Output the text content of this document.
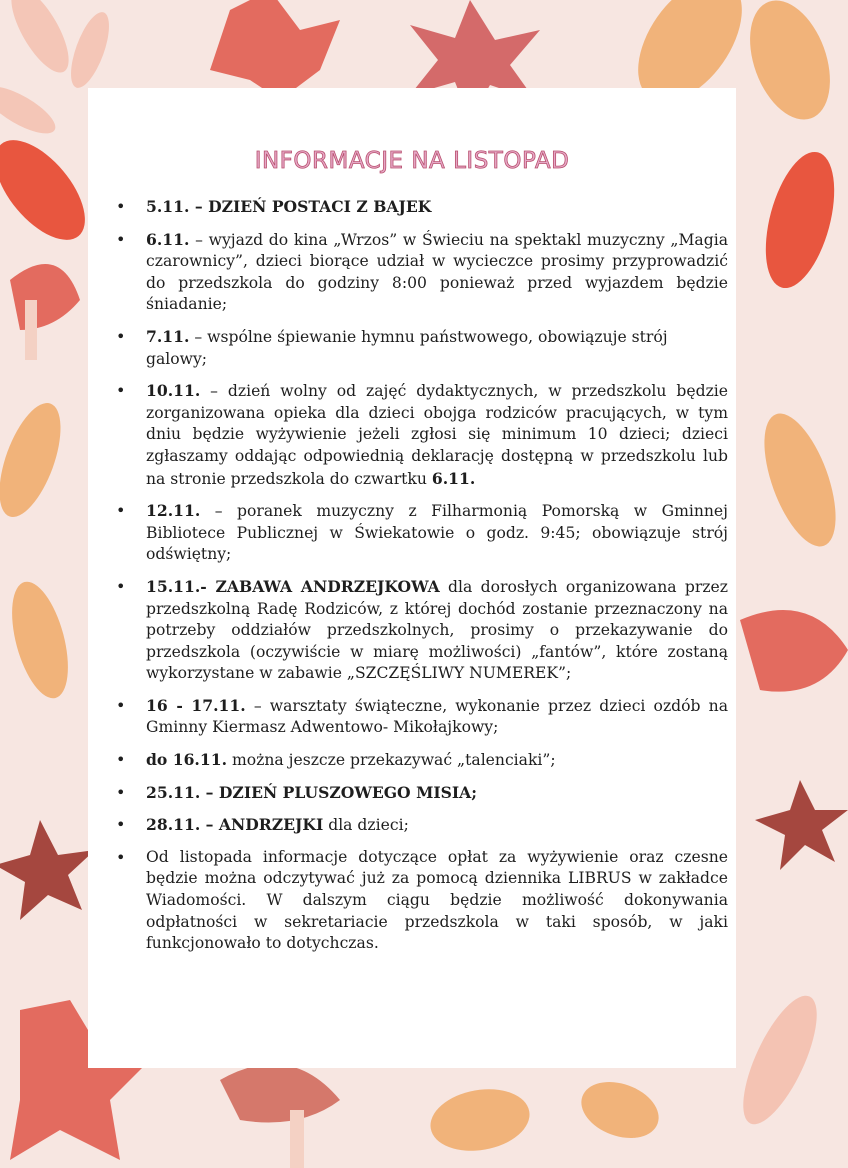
INFORMACJE NA LISTOPAD
• 5.11. – DZIEŃ POSTACI Z BAJEK
• 6.11. – wyjazd do kina „Wrzos” w Świeciu na spektakl muzyczny „Magia czarownicy”, dzieci biorące udział w wycieczce prosimy przyprowadzić do przedszkola do godziny 8:00 ponieważ przed wyjazdem będzie śniadanie;
• 7.11. – wspólne śpiewanie hymnu państwowego, obowiązuje strój galowy;
• 10.11. – dzień wolny od zajęć dydaktycznych, w przedszkolu będzie zorganizowana opieka dla dzieci obojga rodziców pracujących, w tym dniu będzie wyżywienie jeżeli zgłosi się minimum 10 dzieci; dzieci zgłaszamy oddając odpowiednią deklarację dostępną w przedszkolu lub na stronie przedszkola do czwartku 6.11.
• 12.11. – poranek muzyczny z Filharmonią Pomorską w Gminnej Bibliotece Publicznej w Świekatowie o godz. 9:45; obowiązuje strój odświętny;
• 15.11.- ZABAWA ANDRZEJKOWA dla dorosłych organizowana przez przedszkolną Radę Rodziców, z której dochód zostanie przeznaczony na potrzeby oddziałów przedszkolnych, prosimy o przekazywanie do przedszkola (oczywiście w miarę możliwości) „fantów”, które zostaną wykorzystane w zabawie „SZCZĘŚLIWY NUMEREK”;
• 16 - 17.11. – warsztaty świąteczne, wykonanie przez dzieci ozdób na Gminny Kiermasz Adwentowo- Mikołajkowy;
• do 16.11. można jeszcze przekazywać „talenciaki”;
• 25.11. – DZIEŃ PLUSZOWEGO MISIA;
• 28.11. – ANDRZEJKI dla dzieci;
• Od listopada informacje dotyczące opłat za wyżywienie oraz czesne będzie można odczytywać już za pomocą dziennika LIBRUS w zakładce Wiadomości. W dalszym ciągu będzie możliwość dokonywania odpłatności w sekretariacie przedszkola w taki sposób, w jaki funkcjonowało to dotychczas.
